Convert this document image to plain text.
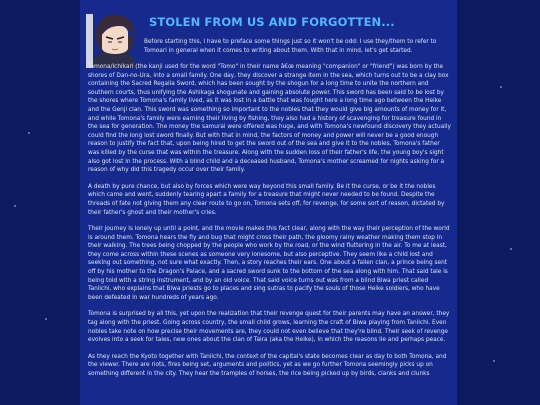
STOLEN FROM US AND FORGOTTEN...

Before starting this, I have to preface some things just so it won't be odd: I use they/them to refer to Tomoari in general when it comes to writing about them. With that in mind, let's get started.

Tomona/Ichikari (the kanji used for the word "Tomo" in their name â€œ meaning "companion" or "friend") was born by the shores of Dan-no-Ura, into a small family. One day, they discover a strange item in the sea, which turns out to be a clay box containing the Sacred Regalia Sword, which has been sought by the shogun for a long time to unite the northern and southern courts, thus unifying the Ashikaga shogunate and gaining absolute power. This sword has been said to be lost by the shores where Tomona's family lived, as it was lost in a battle that was fought here a long time ago between the Heike and the Genji clan. This sword was something so important to the nobles that they would give big amounts of money for it, and while Tomona's family were earning their living by fishing, they also had a history of scavenging for treasure found in the sea for generation. The money the samurai were offered was huge, and with Tomona's newfound discovery they actually could find the long lost sword finally. But with that in mind, the factors of money and power will never be a good enough reason to justify the fact that, upon being hired to get the sword out of the sea and give it to the nobles, Tomona's father was killed by the curse that was within the treasure. Along with the sudden loss of their father's life, the young boy's sight also got lost in the process. With a blind child and a deceased husband, Tomona's mother screamed for nights asking for a reason of why did this tragedy occur over their family.

A death by pure chance, but also by forces which were way beyond this small family. Be it the curse, or be it the nobles which came and went, suddenly tearing apart a family for a treasure that might never needed to be found. Despite the threads of fate not giving them any clear route to go on, Tomona sets off, for revenge, for some sort of reason, dictated by their father's ghost and their mother's cries.

Their journey is lonely up until a point, and the movie makes this fact clear, along with the way their perception of the world is around them. Tomona hears the fly and bug that might cross their path, the gloomy rainy weather making them stop in their walking. The trees being chopped by the people who work by the road, or the wind fluttering in the air. To me at least, they come across within these scenes as someone very lonesome, but also perceptive. They seem like a child lost and seeking out something, not sure what exactly. Then, a story reaches their ears. One about a fallen clan, a prince being sent off by his mother to the Dragon's Palace, and a sacred sword sunk to the bottom of the sea along with him. That said tale is being told with a string instrument, and by an old voice. That said voice turns out was from a blind Biwa priest called Taniichi, who explains that Biwa priests go to places and sing sutras to pacify the souls of those Heike soldiers, who have been defeated in war hundreds of years ago.

Tomona is surprised by all this, yet upon the realization that their revenge quest for their parents may have an answer, they tag along with the priest. Going across country, the small child grows, learning the craft of Biwa playing from Taniichi. Even nobles take note on how precise their movements are, they could not even believe that they're blind. Their seek of revenge evolves into a seek for tales, new ones about the clan of Taira (aka the Heike), in which the reasons lie and perhaps peace.

As they reach the Kyoto together with Taniichi, the context of the capital's state becomes clear as day to both Tomona, and the viewer. There are riots, fires being set, arguments and politics, yet as we go further Tomona seemingly picks up on something different in the city. They hear the tramples of horses, the rice being picked up by birds, clanks and clunks
